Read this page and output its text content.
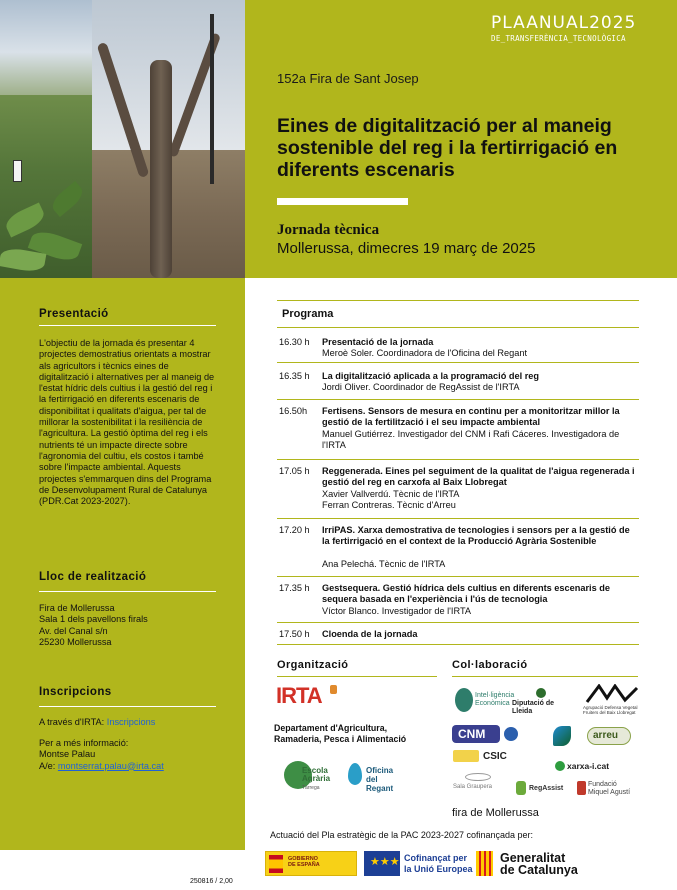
PLAANUAL2025
DE_TRANSFERÈNCIA_TECNOLÒGICA
152a Fira de Sant Josep
Eines de digitalització per al maneig sostenible del reg i la fertirrigació en diferents escenaris
Jornada tècnica
Mollerussa, dimecres 19 març de 2025
Presentació
L'objectiu de la jornada és presentar 4 projectes demostratius orientats a mostrar als agricultors i tècnics eines de digitalització i alternatives per al maneig de l'estat hídric dels cultius i la gestió del reg i la fertirrigació en diferents escenaris de disponibilitat i qualitats d'aigua, per tal de millorar la sostenibilitat i la resiliència de l'agricultura. La gestió òptima del reg i els nutrients té un impacte directe sobre l'agronomia del cultiu, els costos i també sobre l'impacte ambiental. Aquests projectes s'emmarquen dins del Programa de Desenvolupament Rural de Catalunya (PDR.Cat 2023-2027).
Lloc de realització
Fira de Mollerussa
Sala 1 dels pavellons firals
Av. del Canal s/n
25230 Mollerussa
Inscripcions
A través d'IRTA: Inscripcions
Per a més informació:
Montse Palau
A/e: montserrat.palau@irta.cat
Programa
16.30 h Presentació de la jornada
Meroè Soler. Coordinadora de l'Oficina del Regant
16.35 h La digitalització aplicada a la programació del reg
Jordi Oliver. Coordinador de RegAssist de l'IRTA
16.50h Fertisens. Sensors de mesura en continu per a monitoritzar millor la gestió de la fertilització i el seu impacte ambiental
Manuel Gutiérrez. Investigador del CNM i Rafi Cáceres. Investigadora de l'IRTA
17.05 h Reggenerada. Eines pel seguiment de la qualitat de l'aigua regenerada i gestió del reg en carxofa al Baix Llobregat
Xavier Vallverdú. Tècnic de l'IRTA
Ferran Contreras. Tècnic d'Arreu
17.20 h IrriPAS. Xarxa demostrativa de tecnologies i sensors per a la gestió de la fertirrigació en el context de la Producció Agrària Sostenible
Ana Pelechá. Tècnic de l'IRTA
17.35 h Gestsequera. Gestió hídrica dels cultius en diferents escenaris de sequera basada en l'experiència i l'ús de tecnologia
Víctor Blanco. Investigador de l'IRTA
17.50 h Cloenda de la jornada
Organització
IRTA
Departament d'Agricultura, Ramaderia, Pesca i Alimentació
Escola Agrària
Tàrrega
Oficina del Regant
Col·laboració
Intel·ligència Econòmica Diputació de Lleida
Agrupació Defensa Vegetal Fruiters del Baix Llobregat
CNM	arreu
CSIC
Sala Graupera	RegAssist
xarxa-i.cat
Fundació Miquel Agustí
fira de Mollerussa
Actuació del Pla estratègic de la PAC 2023-2027 cofinançada per:
GOBIERNO
DE ESPAÑA	★★★ Cofinançat per la Unió Europea
Generalitat
de Catalunya
250816 / 2,00
